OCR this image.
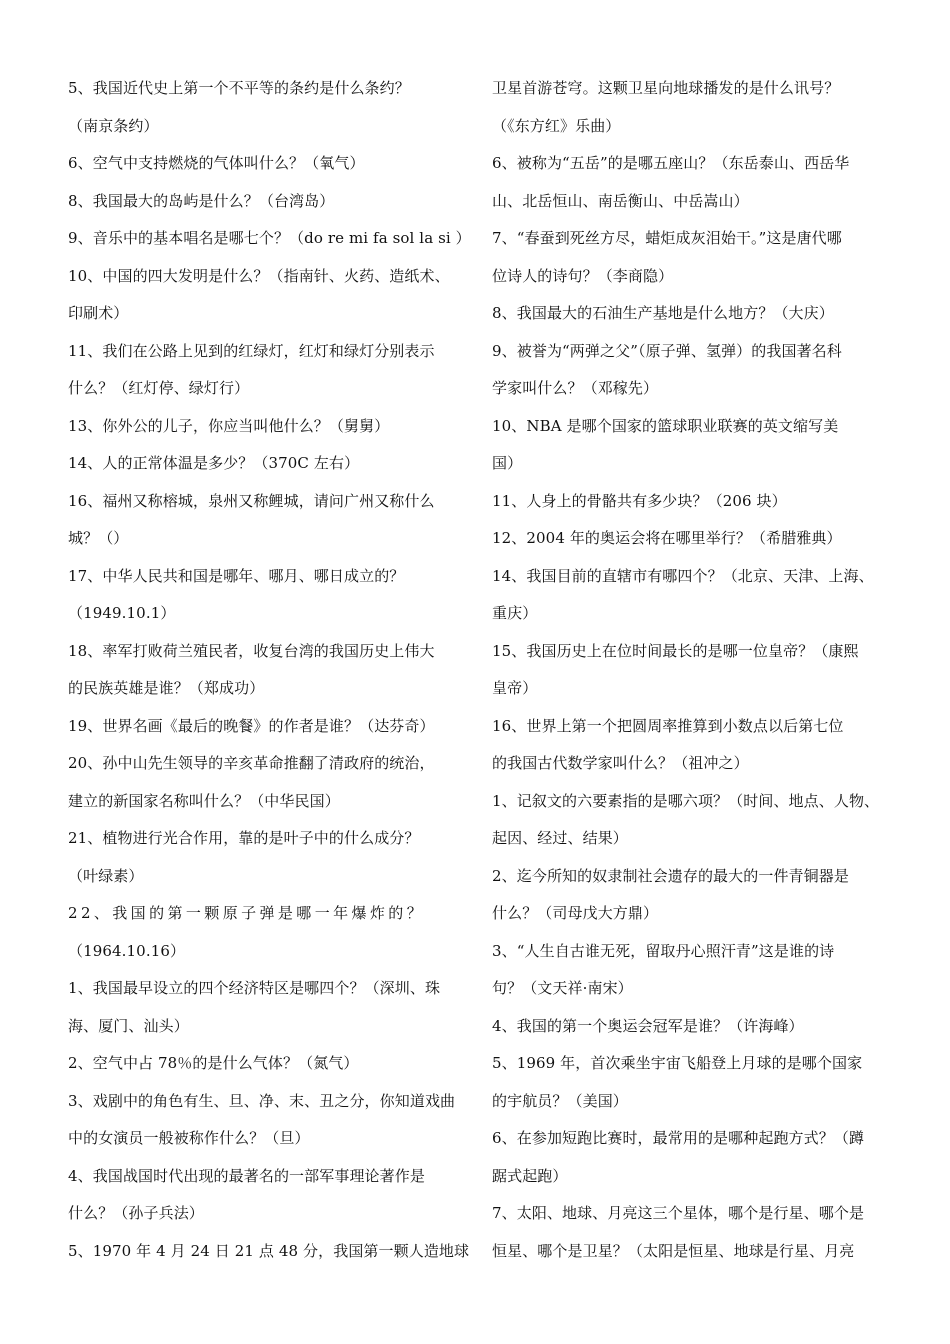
5、我国近代史上第一个不平等的条约是什么条约？
（南京条约）
6、空气中支持燃烧的气体叫什么？（氧气）
8、我国最大的岛屿是什么？（台湾岛）
9、音乐中的基本唱名是哪七个？（do re mi fa sol la si ）
10、中国的四大发明是什么？（指南针、火药、造纸术、
印刷术）
11、我们在公路上见到的红绿灯，红灯和绿灯分别表示
什么？（红灯停、绿灯行）
13、你外公的儿子，你应当叫他什么？（舅舅）
14、人的正常体温是多少？（370C 左右）
16、福州又称榕城，泉州又称鲤城，请问广州又称什么
城？（）
17、中华人民共和国是哪年、哪月、哪日成立的？
（1949.10.1）
18、率军打败荷兰殖民者，收复台湾的我国历史上伟大
的民族英雄是谁？（郑成功）
19、世界名画《最后的晚餐》的作者是谁？（达芬奇）
20、孙中山先生领导的辛亥革命推翻了清政府的统治，
建立的新国家名称叫什么？（中华民国）
21、植物进行光合作用，靠的是叶子中的什么成分？
（叶绿素）
22、我国的第一颗原子弹是哪一年爆炸的？
（1964.10.16）
1、我国最早设立的四个经济特区是哪四个？（深圳、珠
海、厦门、汕头）
2、空气中占 78％的是什么气体？（氮气）
3、戏剧中的角色有生、旦、净、末、丑之分，你知道戏曲
中的女演员一般被称作什么？（旦）
4、我国战国时代出现的最著名的一部军事理论著作是
什么？（孙子兵法）
5、1970 年 4 月 24 日 21 点 48 分，我国第一颗人造地球
卫星首游苍穹。这颗卫星向地球播发的是什么讯号？
（《东方红》乐曲）
6、被称为“五岳”的是哪五座山？（东岳泰山、西岳华
山、北岳恒山、南岳衡山、中岳嵩山）
7、“春蚕到死丝方尽，蜡炬成灰泪始干。”这是唐代哪
位诗人的诗句？（李商隐）
8、我国最大的石油生产基地是什么地方？（大庆）
9、被誉为“两弹之父”（原子弹、氢弹）的我国著名科
学家叫什么？（邓稼先）
10、NBA 是哪个国家的篮球职业联赛的英文缩写美
国）
11、人身上的骨骼共有多少块？（206 块）
12、2004 年的奥运会将在哪里举行？（希腊雅典）
14、我国目前的直辖市有哪四个？（北京、天津、上海、
重庆）
15、我国历史上在位时间最长的是哪一位皇帝？（康熙
皇帝）
16、世界上第一个把圆周率推算到小数点以后第七位
的我国古代数学家叫什么？（祖冲之）
1、记叙文的六要素指的是哪六项？（时间、地点、人物、
起因、经过、结果）
2、迄今所知的奴隶制社会遗存的最大的一件青铜器是
什么？（司母戊大方鼎）
3、“人生自古谁无死，留取丹心照汗青”这是谁的诗
句？（文天祥·南宋）
4、我国的第一个奥运会冠军是谁？（许海峰）
5、1969 年，首次乘坐宇宙飞船登上月球的是哪个国家
的宇航员？（美国）
6、在参加短跑比赛时，最常用的是哪种起跑方式？（蹲
踞式起跑）
7、太阳、地球、月亮这三个星体，哪个是行星、哪个是
恒星、哪个是卫星？（太阳是恒星、地球是行星、月亮
